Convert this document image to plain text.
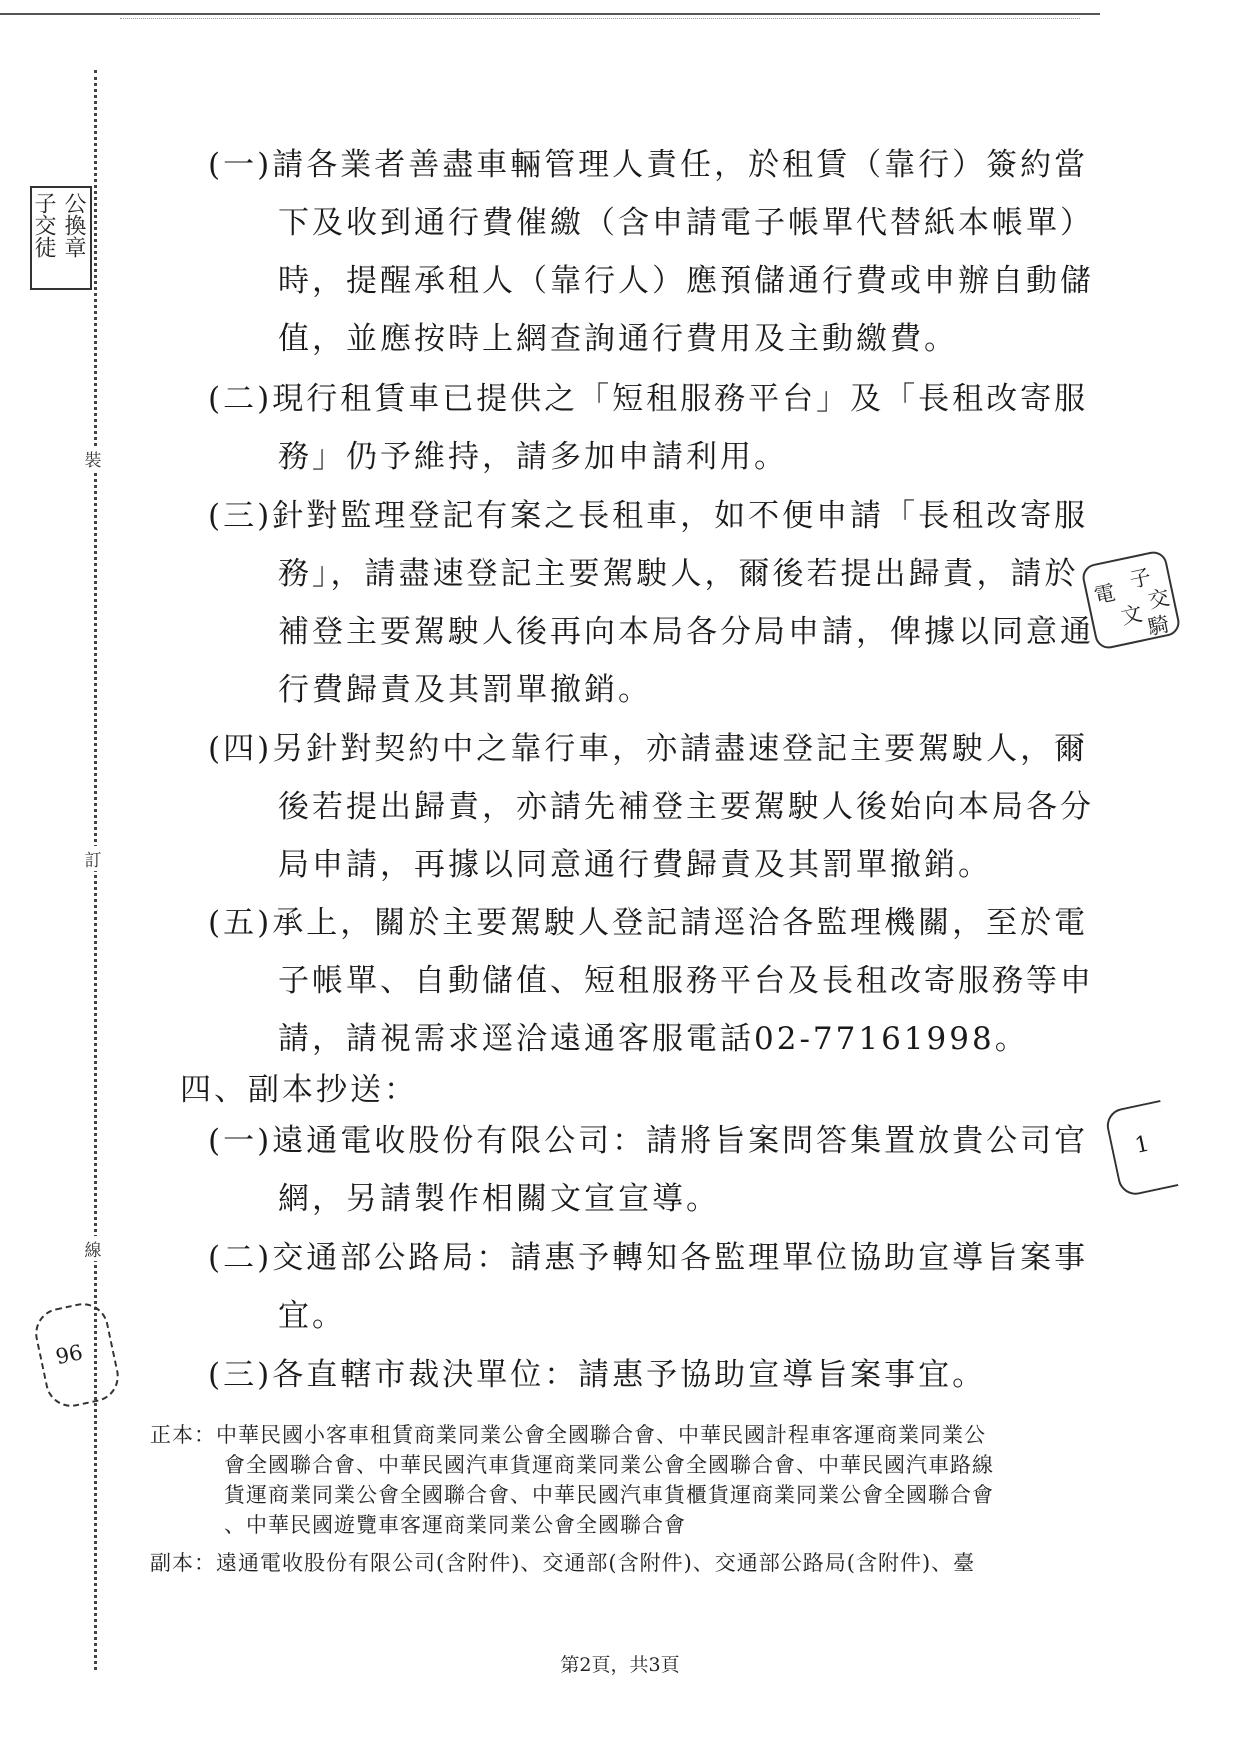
裝
訂
線
公換章
子交徒
子
電
文
交
騎
1
96
(一)請各業者善盡車輛管理人責任，於租賃（靠行）簽約當
下及收到通行費催繳（含申請電子帳單代替紙本帳單）
時，提醒承租人（靠行人）應預儲通行費或申辦自動儲
值，並應按時上網查詢通行費用及主動繳費。
(二)現行租賃車已提供之「短租服務平台」及「長租改寄服
務」仍予維持，請多加申請利用。
(三)針對監理登記有案之長租車，如不便申請「長租改寄服
務」，請盡速登記主要駕駛人，爾後若提出歸責，請於
補登主要駕駛人後再向本局各分局申請，俾據以同意通
行費歸責及其罰單撤銷。
(四)另針對契約中之靠行車，亦請盡速登記主要駕駛人，爾
後若提出歸責，亦請先補登主要駕駛人後始向本局各分
局申請，再據以同意通行費歸責及其罰單撤銷。
(五)承上，關於主要駕駛人登記請逕洽各監理機關，至於電
子帳單、自動儲值、短租服務平台及長租改寄服務等申
請，請視需求逕洽遠通客服電話02-77161998。
四、副本抄送：
(一)遠通電收股份有限公司：請將旨案問答集置放貴公司官
網，另請製作相關文宣宣導。
(二)交通部公路局：請惠予轉知各監理單位協助宣導旨案事
宜。
(三)各直轄市裁決單位：請惠予協助宣導旨案事宜。
正本：中華民國小客車租賃商業同業公會全國聯合會、中華民國計程車客運商業同業公
會全國聯合會、中華民國汽車貨運商業同業公會全國聯合會、中華民國汽車路線
貨運商業同業公會全國聯合會、中華民國汽車貨櫃貨運商業同業公會全國聯合會
、中華民國遊覽車客運商業同業公會全國聯合會
副本：遠通電收股份有限公司(含附件)、交通部(含附件)、交通部公路局(含附件)、臺
第2頁，共3頁
